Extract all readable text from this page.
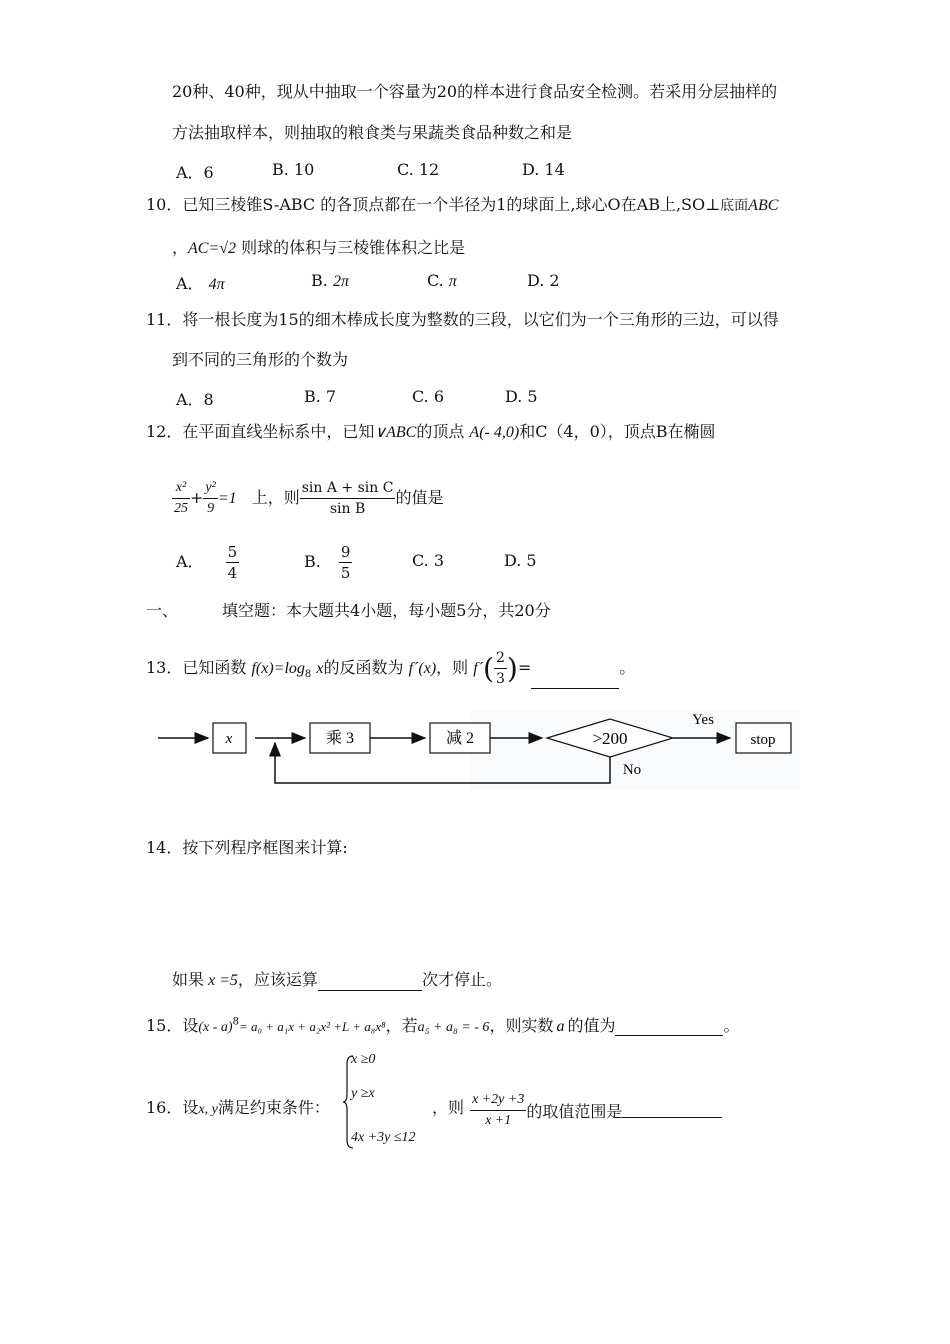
20种、40种，现从中抽取一个容量为20的样本进行食品安全检测。若采用分层抽样的
方法抽取样本，则抽取的粮食类与果蔬类食品种数之和是
A．6	B. 10	C. 12	D. 14
10．已知三棱锥S-ABC 的各顶点都在一个半径为1的球面上,球心O在AB上,SO⊥底面ABC
，AC=√2 则球的体积与三棱锥体积之比是
A． 4π	B. 2π	C. π	D. 2
11．将一根长度为15的细木棒成长度为整数的三段，以它们为一个三角形的三边，可以得
到不同的三角形的个数为
A．8	B. 7	C. 6	D. 5
12．在平面直线坐标系中，已知∨ABC的顶点 A(- 4,0)和C（4，0），顶点B在椭圆
$\frac{\text{x²}}{25} + \frac{\text{y²}}{9} =1$ 上，则 $\frac{\text{sin A + sin C}}{\text{sin B}}$ 的值是
A． $\frac{5}{4}$	B. $\frac{9}{5}$	C. 3	D. 5
一、	填空题：本大题共4小题，每小题5分，共20分
13．已知函数 $f(x)=\log_8$ x的反函数为 f´(x)，则 f´( $\frac{2}{3}$ )=	。
x	乘 3	减 2	>200
Yes
stop
No
14．按下列程序框图来计算:
如果 x =5，应该运算	次才停止。
15．设(x - a)$^8$= a₀ + a₁x + a₂x² +L + a₈x⁸，若a₅ + a₈ = - 6，则实数 a 的值为	。
16．设x, y满足约束条件：
x ≥0
y ≥x
4x +3y ≤12
，则 $\frac{x +2y +3}{x +1}$ 的取值范围是
